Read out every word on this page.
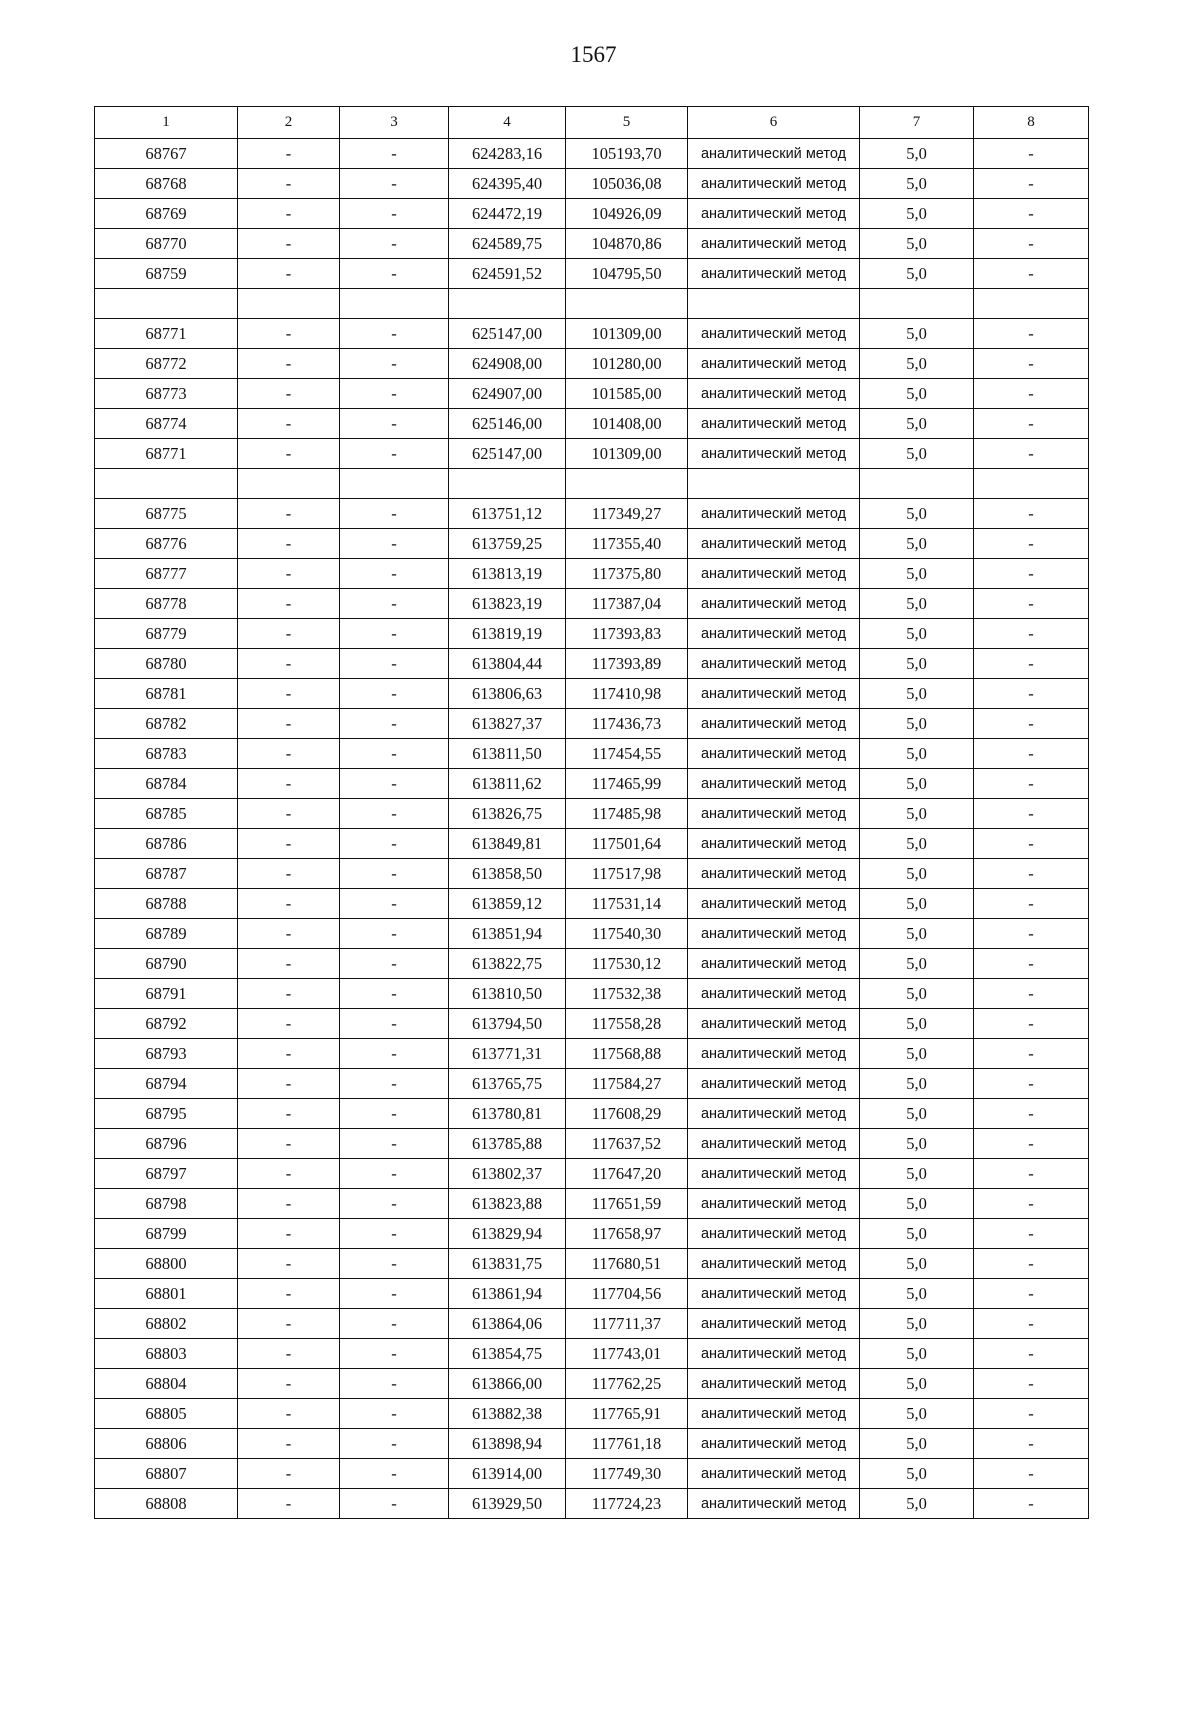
1567
1	2	3	4	5	6	7	8
68767	-	-	624283,16	105193,70	аналитический метод	5,0	-
68768	-	-	624395,40	105036,08	аналитический метод	5,0	-
68769	-	-	624472,19	104926,09	аналитический метод	5,0	-
68770	-	-	624589,75	104870,86	аналитический метод	5,0	-
68759	-	-	624591,52	104795,50	аналитический метод	5,0	-

68771	-	-	625147,00	101309,00	аналитический метод	5,0	-
68772	-	-	624908,00	101280,00	аналитический метод	5,0	-
68773	-	-	624907,00	101585,00	аналитический метод	5,0	-
68774	-	-	625146,00	101408,00	аналитический метод	5,0	-
68771	-	-	625147,00	101309,00	аналитический метод	5,0	-

68775	-	-	613751,12	117349,27	аналитический метод	5,0	-
68776	-	-	613759,25	117355,40	аналитический метод	5,0	-
68777	-	-	613813,19	117375,80	аналитический метод	5,0	-
68778	-	-	613823,19	117387,04	аналитический метод	5,0	-
68779	-	-	613819,19	117393,83	аналитический метод	5,0	-
68780	-	-	613804,44	117393,89	аналитический метод	5,0	-
68781	-	-	613806,63	117410,98	аналитический метод	5,0	-
68782	-	-	613827,37	117436,73	аналитический метод	5,0	-
68783	-	-	613811,50	117454,55	аналитический метод	5,0	-
68784	-	-	613811,62	117465,99	аналитический метод	5,0	-
68785	-	-	613826,75	117485,98	аналитический метод	5,0	-
68786	-	-	613849,81	117501,64	аналитический метод	5,0	-
68787	-	-	613858,50	117517,98	аналитический метод	5,0	-
68788	-	-	613859,12	117531,14	аналитический метод	5,0	-
68789	-	-	613851,94	117540,30	аналитический метод	5,0	-
68790	-	-	613822,75	117530,12	аналитический метод	5,0	-
68791	-	-	613810,50	117532,38	аналитический метод	5,0	-
68792	-	-	613794,50	117558,28	аналитический метод	5,0	-
68793	-	-	613771,31	117568,88	аналитический метод	5,0	-
68794	-	-	613765,75	117584,27	аналитический метод	5,0	-
68795	-	-	613780,81	117608,29	аналитический метод	5,0	-
68796	-	-	613785,88	117637,52	аналитический метод	5,0	-
68797	-	-	613802,37	117647,20	аналитический метод	5,0	-
68798	-	-	613823,88	117651,59	аналитический метод	5,0	-
68799	-	-	613829,94	117658,97	аналитический метод	5,0	-
68800	-	-	613831,75	117680,51	аналитический метод	5,0	-
68801	-	-	613861,94	117704,56	аналитический метод	5,0	-
68802	-	-	613864,06	117711,37	аналитический метод	5,0	-
68803	-	-	613854,75	117743,01	аналитический метод	5,0	-
68804	-	-	613866,00	117762,25	аналитический метод	5,0	-
68805	-	-	613882,38	117765,91	аналитический метод	5,0	-
68806	-	-	613898,94	117761,18	аналитический метод	5,0	-
68807	-	-	613914,00	117749,30	аналитический метод	5,0	-
68808	-	-	613929,50	117724,23	аналитический метод	5,0	-
